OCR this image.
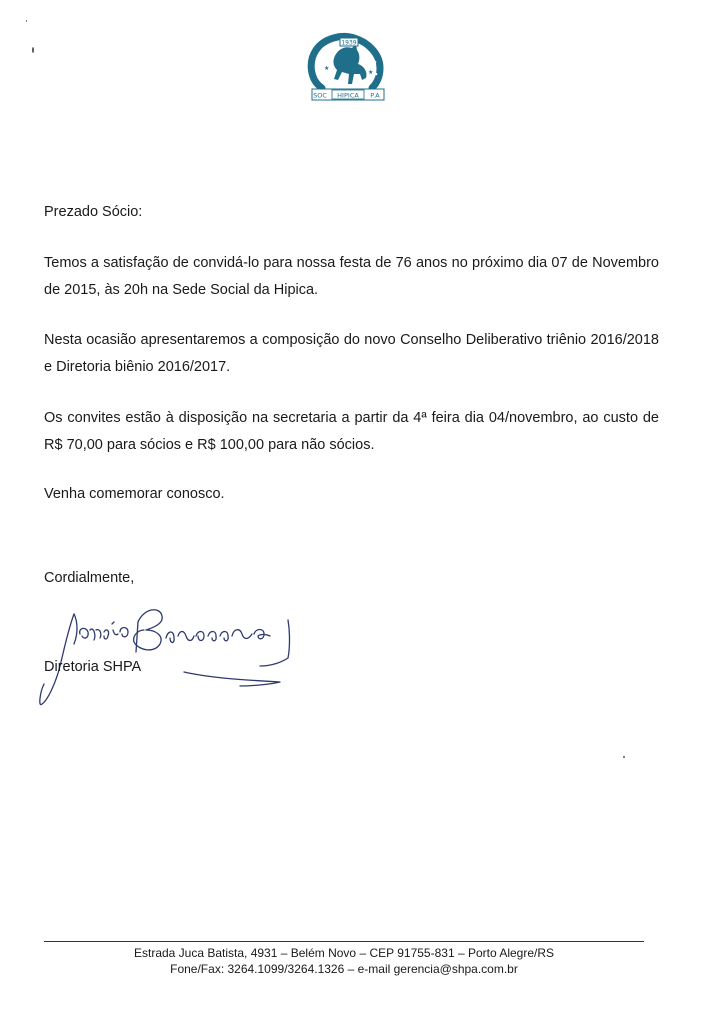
★
★
1939
SOC HIPICA P.A
Prezado Sócio:
Temos a satisfação de convidá-lo para nossa festa de 76 anos no próximo dia 07 de Novembro de 2015, às 20h na Sede Social da Hipica.
Nesta ocasião apresentaremos a composição do novo Conselho Deliberativo triênio 2016/2018 e Diretoria biênio 2016/2017.
Os convites estão à disposição na secretaria a partir da 4ª feira dia 04/novembro, ao custo de R$ 70,00 para sócios e R$ 100,00 para não sócios.
Venha comemorar conosco.
Cordialmente,
Diretoria SHPA
Estrada Juca Batista, 4931 – Belém Novo – CEP 91755-831 – Porto Alegre/RS
Fone/Fax: 3264.1099/3264.1326 – e-mail gerencia@shpa.com.br
